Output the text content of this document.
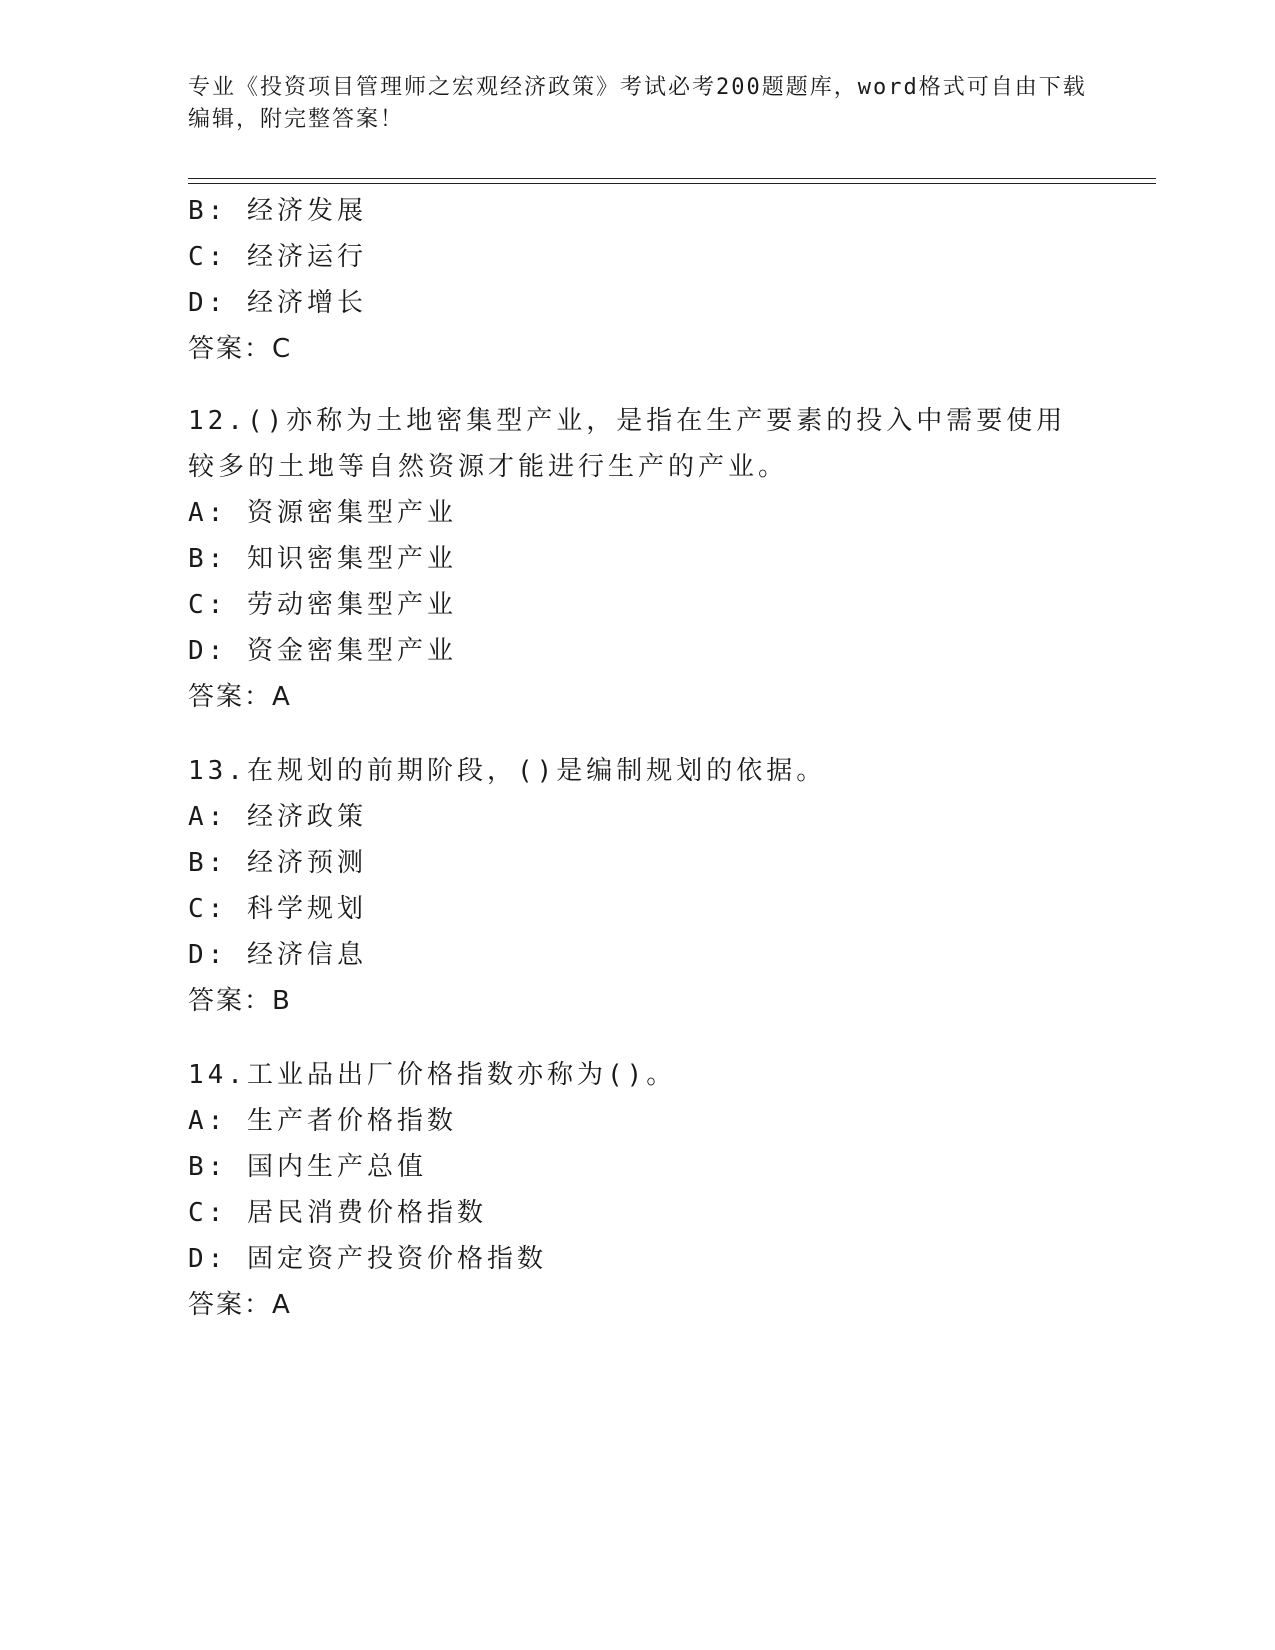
专业《投资项目管理师之宏观经济政策》考试必考200题题库，word格式可自由下载编辑，附完整答案！
B: 经济发展
C: 经济运行
D: 经济增长
答案：C
12.()亦称为土地密集型产业，是指在生产要素的投入中需要使用较多的土地等自然资源才能进行生产的产业。
A: 资源密集型产业
B: 知识密集型产业
C: 劳动密集型产业
D: 资金密集型产业
答案：A
13.在规划的前期阶段，()是编制规划的依据。
A: 经济政策
B: 经济预测
C: 科学规划
D: 经济信息
答案：B
14.工业品出厂价格指数亦称为()。
A: 生产者价格指数
B: 国内生产总值
C: 居民消费价格指数
D: 固定资产投资价格指数
答案：A
